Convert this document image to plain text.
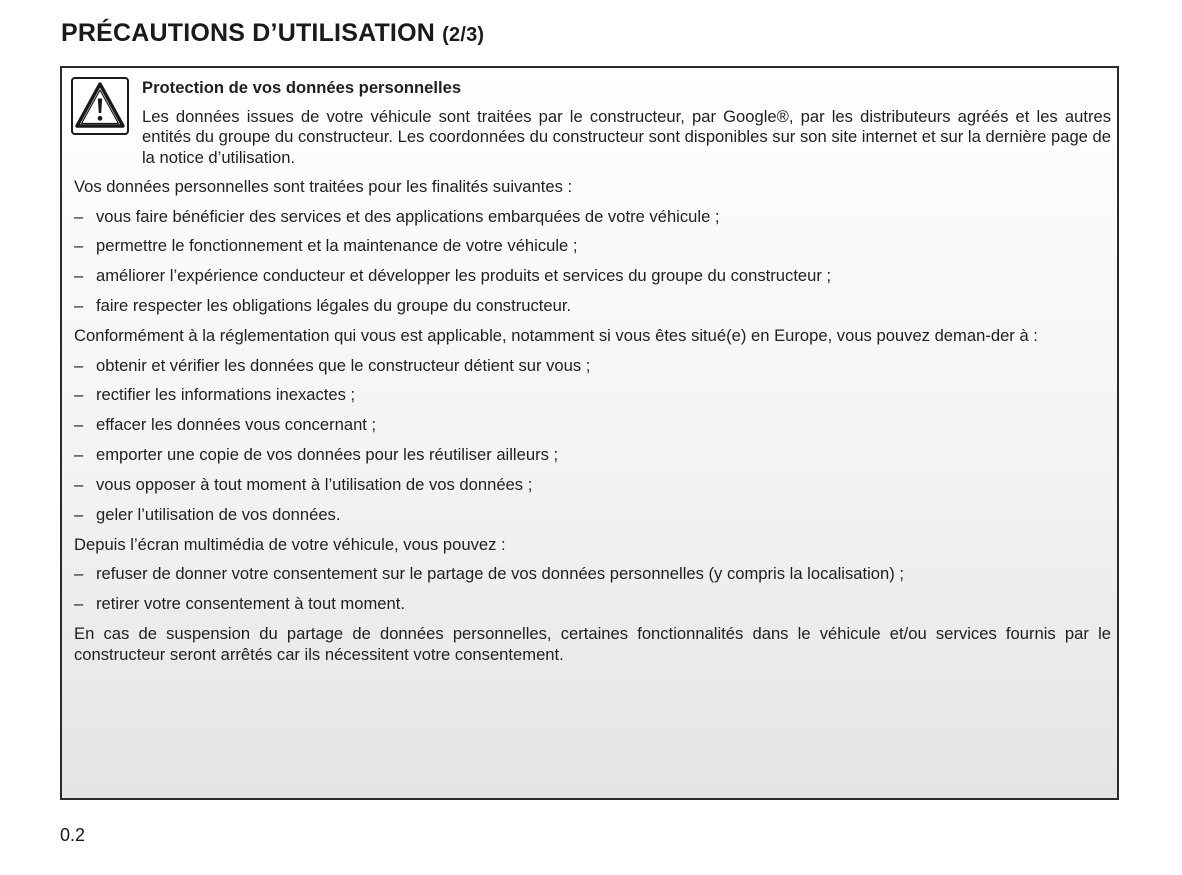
PRÉCAUTIONS D’UTILISATION (2/3)

Protection de vos données personnelles

Les données issues de votre véhicule sont traitées par le constructeur, par Google®, par les distributeurs agréés et les autres entités du groupe du constructeur. Les coordonnées du constructeur sont disponibles sur son site internet et sur la dernière page de la notice d’utilisation.

Vos données personnelles sont traitées pour les finalités suivantes :

– vous faire bénéficier des services et des applications embarquées de votre véhicule ;
– permettre le fonctionnement et la maintenance de votre véhicule ;
– améliorer l’expérience conducteur et développer les produits et services du groupe du constructeur ;
– faire respecter les obligations légales du groupe du constructeur.

Conformément à la réglementation qui vous est applicable, notamment si vous êtes situé(e) en Europe, vous pouvez deman-der à :

– obtenir et vérifier les données que le constructeur détient sur vous ;
– rectifier les informations inexactes ;
– effacer les données vous concernant ;
– emporter une copie de vos données pour les réutiliser ailleurs ;
– vous opposer à tout moment à l’utilisation de vos données ;
– geler l’utilisation de vos données.

Depuis l’écran multimédia de votre véhicule, vous pouvez :

– refuser de donner votre consentement sur le partage de vos données personnelles (y compris la localisation) ;
– retirer votre consentement à tout moment.

En cas de suspension du partage de données personnelles, certaines fonctionnalités dans le véhicule et/ou services fournis par le constructeur seront arrêtés car ils nécessitent votre consentement.

0.2
